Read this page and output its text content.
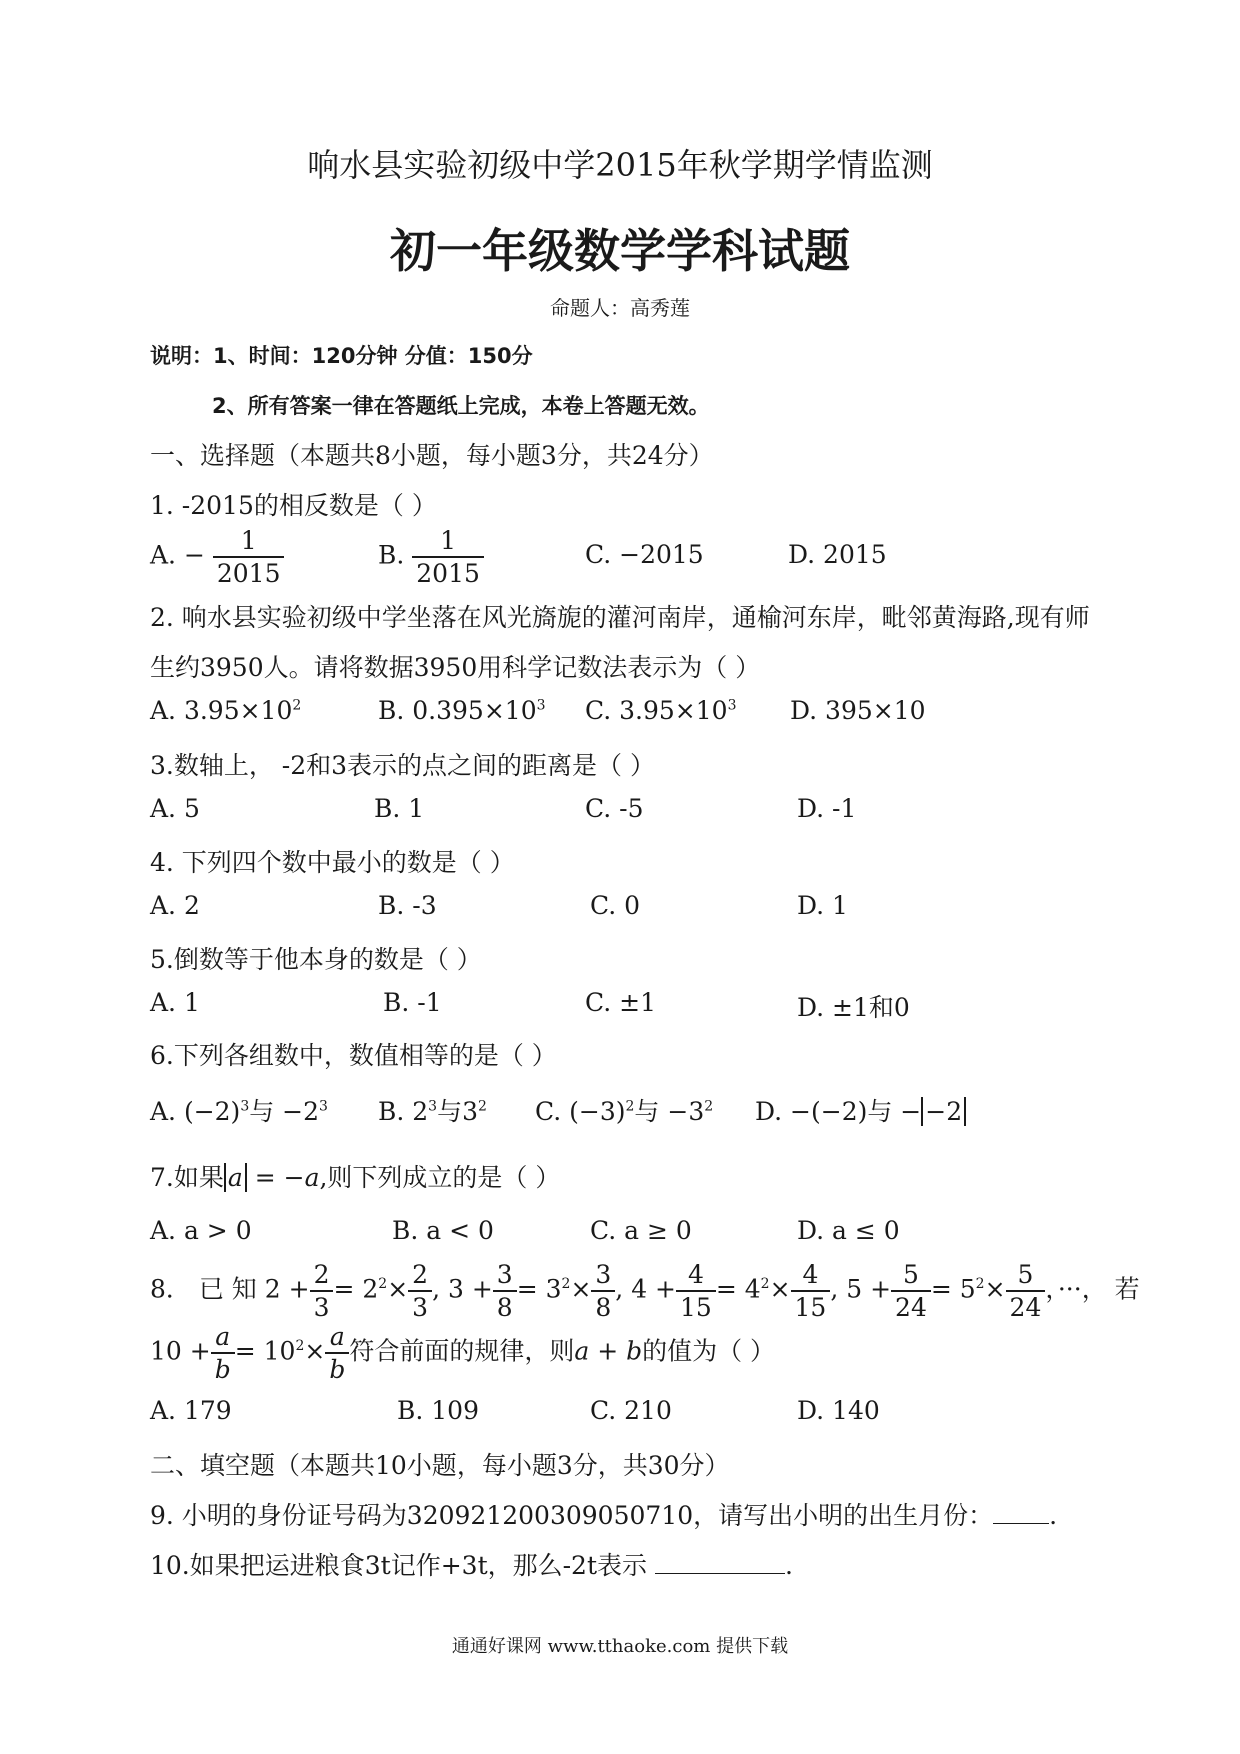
响水县实验初级中学2015年秋学期学情监测
初一年级数学学科试题
命题人：高秀莲
说明：1、时间：120分钟 分值：150分
2、所有答案一律在答题纸上完成，本卷上答题无效。
一、选择题（本题共8小题，每小题3分，共24分）
1. -2015的相反数是（ ）
A. − $\frac{1}{2015}$	B. $\frac{1}{2015}$	C. −2015	D. 2015
2. 响水县实验初级中学坐落在风光旖旎的灌河南岸，通榆河东岸，毗邻黄海路,现有师
生约3950人。请将数据3950用科学记数法表示为（ ）
A. $3.95\times 10^2$	B. $0.395\times 10^3$ C. $3.95\times 10^3$ D. 395×10
3.数轴上， -2和3表示的点之间的距离是（ ）
A. 5	B. 1	C. -5	D. -1
4. 下列四个数中最小的数是（ ）
A. 2	B. -3	C. 0	D. 1
5.倒数等于他本身的数是（ ）
A. 1	B. -1	C. ±1	D. ±1和0
6.下列各组数中，数值相等的是（ ）
A. $(-2)^3$与 $-2^3$ B. $2^3$与$3^2$ C. $(-3)^2$与 $-3^2$ D. −(−2)与 − −2
7.如果 a = −a,则下列成立的是（ ）
A. a > 0	B. a < 0	C. a ≥ 0	D. a ≤ 0
8． 已 知 $2 + \frac{2}{3} = 2^2\times \frac{2}{3}$ , $3 + \frac{3}{8} = 3^2\times \frac{3}{8}$ , $4 + \frac{4}{15} = 4^2\times \frac{4}{15}$ , $5 + \frac{5}{24} = 5^2\times \frac{5}{24}$ ，···， 若
$10 + \frac{a}{b} = 10^2\times \frac{a}{b}$ 符合前面的规律，则a + b的值为（ ）
A. 179	B. 109	C. 210	D. 140
二、填空题（本题共10小题，每小题3分，共30分）
9. 小明的身份证号码为320921200309050710，请写出小明的出生月份： .
10.如果把运进粮食3t记作+3t，那么-2t表示	.
通通好课网 www.tthaoke.com 提供下载
